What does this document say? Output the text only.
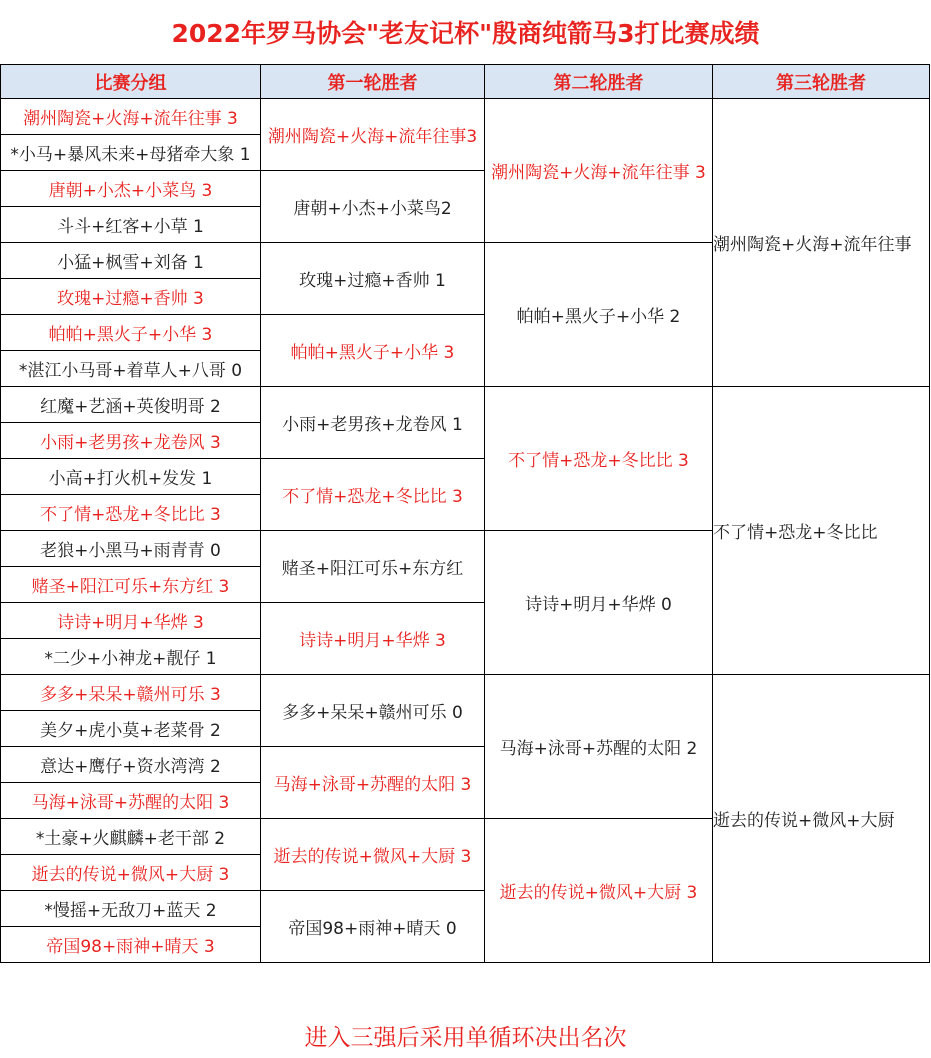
2022年罗马协会"老友记杯"殷商纯箭马3打比赛成绩
比赛分组	第一轮胜者	第二轮胜者	第三轮胜者
潮州陶瓷+火海+流年往事 3	潮州陶瓷+火海+流年往事3	潮州陶瓷+火海+流年往事 3	潮州陶瓷+火海+流年往事
*小马+暴风未来+母猪牵大象 1			
唐朝+小杰+小菜鸟 3	唐朝+小杰+小菜鸟2		
斗斗+红客+小草 1			
小猛+枫雪+刘备 1	玫瑰+过瘾+香帅 1	帕帕+黑火子+小华 2	
玫瑰+过瘾+香帅 3			
帕帕+黑火子+小华 3	帕帕+黑火子+小华 3		
*湛江小马哥+着草人+八哥 0			
红魔+艺涵+英俊明哥 2	小雨+老男孩+龙卷风 1	不了情+恐龙+冬比比 3	不了情+恐龙+冬比比
小雨+老男孩+龙卷风 3			
小高+打火机+发发 1	不了情+恐龙+冬比比 3		
不了情+恐龙+冬比比 3			
老狼+小黑马+雨青青 0	赌圣+阳江可乐+东方红	诗诗+明月+华烨 0	
赌圣+阳江可乐+东方红 3			
诗诗+明月+华烨 3	诗诗+明月+华烨 3		
*二少+小神龙+靓仔 1			
多多+呆呆+赣州可乐 3	多多+呆呆+赣州可乐 0	马海+泳哥+苏醒的太阳 2	逝去的传说+微风+大厨
美夕+虎小莫+老菜骨 2			
意达+鹰仔+资水湾湾 2	马海+泳哥+苏醒的太阳 3		
马海+泳哥+苏醒的太阳 3			
*土豪+火麒麟+老干部 2	逝去的传说+微风+大厨 3	逝去的传说+微风+大厨 3	
逝去的传说+微风+大厨 3			
*慢摇+无敌刀+蓝天 2	帝国98+雨神+晴天 0		
帝国98+雨神+晴天 3			
进入三强后采用单循环决出名次
